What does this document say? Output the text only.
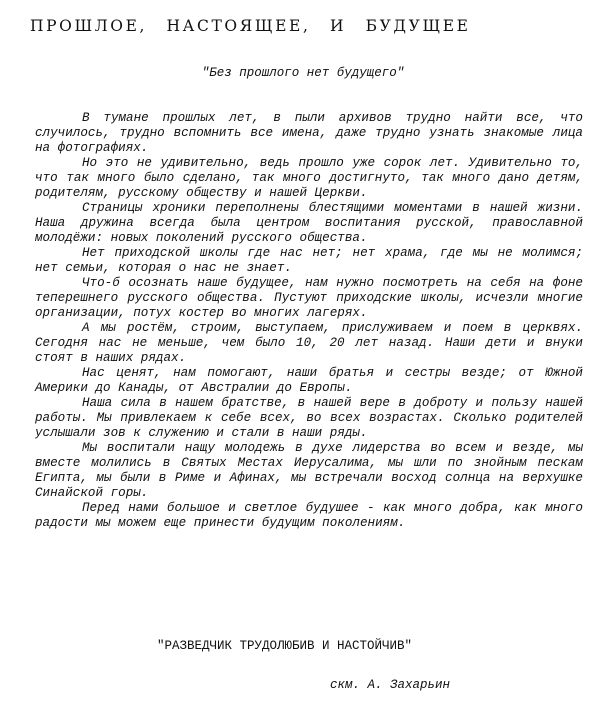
ПРОШЛОЕ, НАСТОЯЩЕЕ, И БУДУЩЕЕ
"Без прошлого нет будущего"

В тумане прошлых лет, в пыли архивов трудно найти все, что случилось, трудно вспомнить все имена, даже трудно узнать знакомые лица на фотографиях.

Но это не удивительно, ведь прошло уже сорок лет. Удивительно то, что так много было сделано, так много достигнуто, так много дано детям, родителям, русскому обществу и нашей Церкви.

Страницы хроники переполнены блестящими моментами в нашей жизни. Наша дружина всегда была центром воспитания русской, православной молодёжи: новых поколений русского общества.

Нет приходской школы где нас нет; нет храма, где мы не молимся; нет семьи, которая о нас не знает.

Что-б осознать наше будущее, нам нужно посмотреть на себя на фоне теперешнего русского общества. Пустуют приходские школы, исчезли многие организации, потух костер во многих лагерях.

А мы ростём, строим, выступаем, прислуживаем и поем в церквях. Сегодня нас не меньше, чем было 10, 20 лет назад. Наши дети и внуки стоят в наших рядах.

Нас ценят, нам помогают, наши братья и сестры везде; от Южной Америки до Канады, от Австралии до Европы.

Наша сила в нашем братстве, в нашей вере в доброту и пользу нашей работы. Мы привлекаем к себе всех, во всех возрастах. Сколько родителей услышали зов к служению и стали в наши ряды.

Мы воспитали нащу молодежь в духе лидерства во всем и везде, мы вместе молились в Святых Местах Иерусалима, мы шли по знойным пескам Египта, мы были в Риме и Афинах, мы встречали восход солнца на верхушке Синайской горы.

Перед нами большое и светлое будушее - как много добра, как много радости мы можем еще принести будущим поколениям.

"РАЗВЕДЧИК ТРУДОЛЮБИВ И НАСТОЙЧИВ"
скм. А. Захарьин
